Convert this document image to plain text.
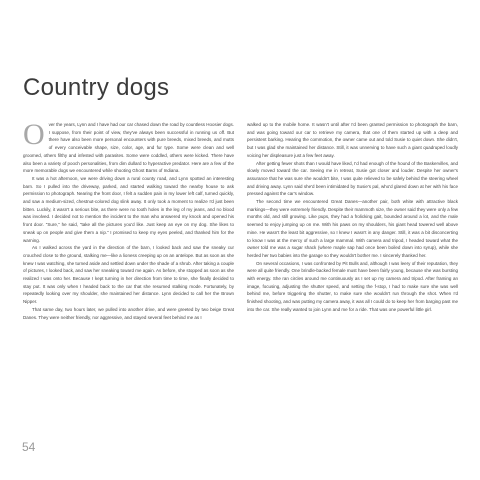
Country dogs

Over the years, Lynn and I have had our car chased down the road by countless Hoosier dogs. I suppose, from their point of view, they've always been successful in running us off. But there have also been more personal encounters with pure breeds, mixed breeds, and mutts of every conceivable shape, size, color, age, and fur type. Some were clean and well groomed, others filthy and infested with parasites. Some were coddled, others were kicked. There have also been a variety of pooch personalities, from dim dullard to hyperactive predator. Here are a few of the more memorable dogs we encountered while shooting Ghost Barns of Indiana.

It was a hot afternoon, we were driving down a rural county road, and Lynn spotted an interesting barn. So I pulled into the driveway, parked, and started walking toward the nearby house to ask permission to photograph. Nearing the front door, I felt a sudden pain in my lower left calf, turned quickly, and saw a medium-sized, chestnut-colored dog slink away. It only took a moment to realize I'd just been bitten. Luckily, it wasn't a serious bite, as there were no tooth holes in the leg of my jeans, and no blood was involved. I decided not to mention the incident to the man who answered my knock and opened his front door. "Sure," he said, "take all the pictures you'd like. Just keep an eye on my dog. She likes to sneak up on people and give them a nip." I promised to keep my eyes peeled, and thanked him for the warning.

As I walked across the yard in the direction of the barn, I looked back and saw the sneaky cur crouched close to the ground, stalking me—like a lioness creeping up on an antelope. But as soon as she knew I was watching, she turned aside and settled down under the shade of a shrub. After taking a couple of pictures, I looked back, and saw her sneaking toward me again. As before, she stopped as soon as she realized I was onto her. Because I kept turning in her direction from time to time, she finally decided to stay put. It was only when I headed back to the car that she resumed stalking mode. Fortunately, by repeatedly looking over my shoulder, she maintained her distance. Lynn decided to call her the Brown Nipper.

That same day, two hours later, we pulled into another drive, and were greeted by two beige Great Danes. They were neither friendly, nor aggressive, and stayed several feet behind me as I

walked up to the mobile home. It wasn't until after I'd been granted permission to photograph the barn, and was going toward our car to retrieve my camera, that one of them started up with a deep and persistent barking. Hearing the commotion, the owner came out and told Susie to quiet down. She didn't, but I was glad she maintained her distance. Still, it was unnerving to have such a giant quadruped loudly voicing her displeasure just a few feet away.

After getting fewer shots than I would have liked, I'd had enough of the hound of the Baskervilles, and slowly moved toward the car. Seeing me in retreat, Susie got closer and louder. Despite her owner's assurance that he was sure she wouldn't bite, I was quite relieved to be safely behind the steering wheel and driving away. Lynn said she'd been intimidated by Susie's pal, who'd glared down at her with his face pressed against the car's window.

The second time we encountered Great Danes—another pair, both white with attractive black markings—they were extremely friendly. Despite their mammoth size, the owner said they were only a few months old, and still growing. Like pups, they had a frolicking gait, bounded around a lot, and the male seemed to enjoy jumping up on me. With his paws on my shoulders, his giant head towered well above mine. He wasn't the least bit aggressive, so I knew I wasn't in any danger. Still, it was a bit disconcerting to know I was at the mercy of such a large mammal. With camera and tripod, I headed toward what the owner told me was a sugar shack (where maple sap had once been boiled down into syrup), while she herded her two babies into the garage so they wouldn't bother me. I sincerely thanked her.

On several occasions, I was confronted by Pit Bulls and, although I was leery of their reputation, they were all quite friendly. One brindle-backed female must have been fairly young, because she was bursting with energy. She ran circles around me continuously as I set up my camera and tripod. After framing an image, focusing, adjusting the shutter speed, and setting the f-stop, I had to make sure she was well behind me, before triggering the shutter, to make sure she wouldn't run through the shot. When I'd finished shooting, and was putting my camera away, it was all I could do to keep her from barging past me into the car. She really wanted to join Lynn and me for a ride. That was one powerful little girl.

54
